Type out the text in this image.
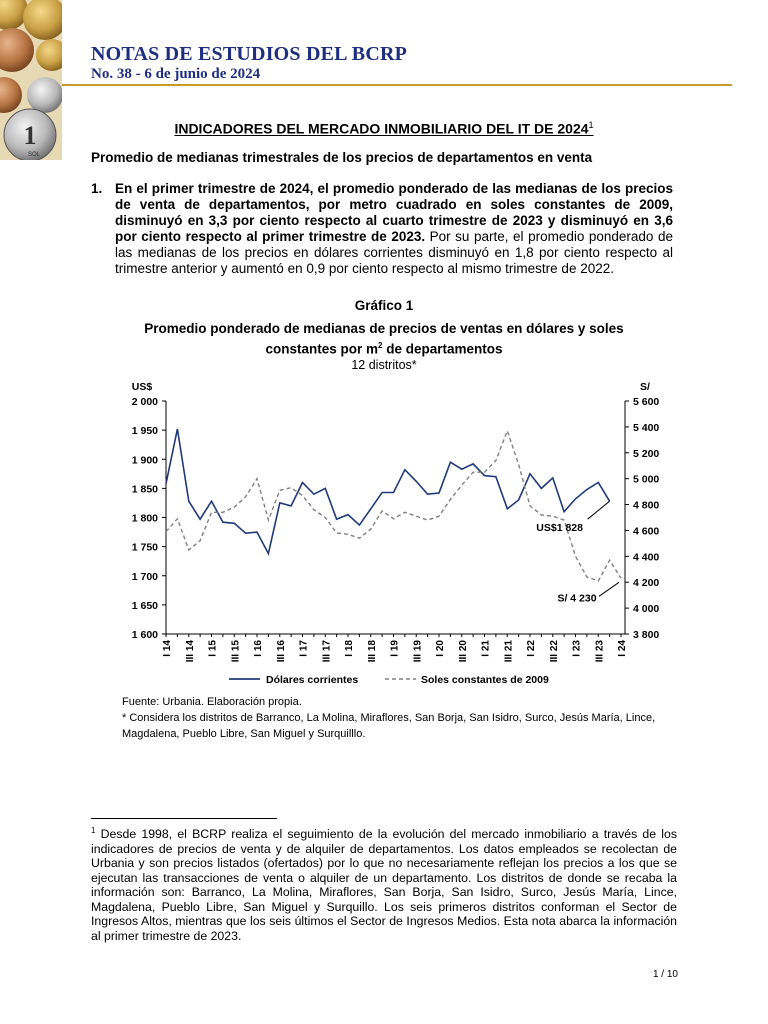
1
SOL
NOTAS DE ESTUDIOS DEL BCRP
No. 38 - 6 de junio de 2024
INDICADORES DEL MERCADO INMOBILIARIO DEL IT DE 2024$^1$
Promedio de medianas trimestrales de los precios de departamentos en venta
1. En el primer trimestre de 2024, el promedio ponderado de las medianas de los precios de venta de departamentos, por metro cuadrado en soles constantes de 2009, disminuyó en 3,3 por ciento respecto al cuarto trimestre de 2023 y disminuyó en 3,6 por ciento respecto al primer trimestre de 2023. Por su parte, el promedio ponderado de las medianas de los precios en dólares corrientes disminuyó en 1,8 por ciento respecto al trimestre anterior y aumentó en 0,9 por ciento respecto al mismo trimestre de 2022.
Gráfico 1
Promedio ponderado de medianas de precios de ventas en dólares y soles
constantes por $m^2$ de departamentos
12 distritos*
1 600
1 650
1 700
1 750
1 800
1 850
1 900
1 950
2 000
US$
3 800
4 000
4 200
4 400
4 600
4 800
5 000
5 200
5 400
5 600
S/
I 14 III 14 I 15 III 15 I 16 III 16 I 17 III 17 I 18 III 18 I 19 III 19 I 20 III 20 I 21 III 21 I 22 III 22 I 23 III 23 I 24
US$1 828
S/ 4 230
Dólares corrientes	Soles constantes de 2009
Fuente: Urbania. Elaboración propia.
* Considera los distritos de Barranco, La Molina, Miraflores, San Borja, San Isidro, Surco, Jesús María, Lince, Magdalena, Pueblo Libre, San Miguel y Surquilllo.
$^1$ Desde 1998, el BCRP realiza el seguimiento de la evolución del mercado inmobiliario a través de los indicadores de precios de venta y de alquiler de departamentos. Los datos empleados se recolectan de Urbania y son precios listados (ofertados) por lo que no necesariamente reflejan los precios a los que se ejecutan las transacciones de venta o alquiler de un departamento. Los distritos de donde se recaba la información son: Barranco, La Molina, Miraflores, San Borja, San Isidro, Surco, Jesús María, Lince, Magdalena, Pueblo Libre, San Miguel y Surquillo. Los seis primeros distritos conforman el Sector de Ingresos Altos, mientras que los seis últimos el Sector de Ingresos Medios. Esta nota abarca la información al primer trimestre de 2023.
1 / 10
